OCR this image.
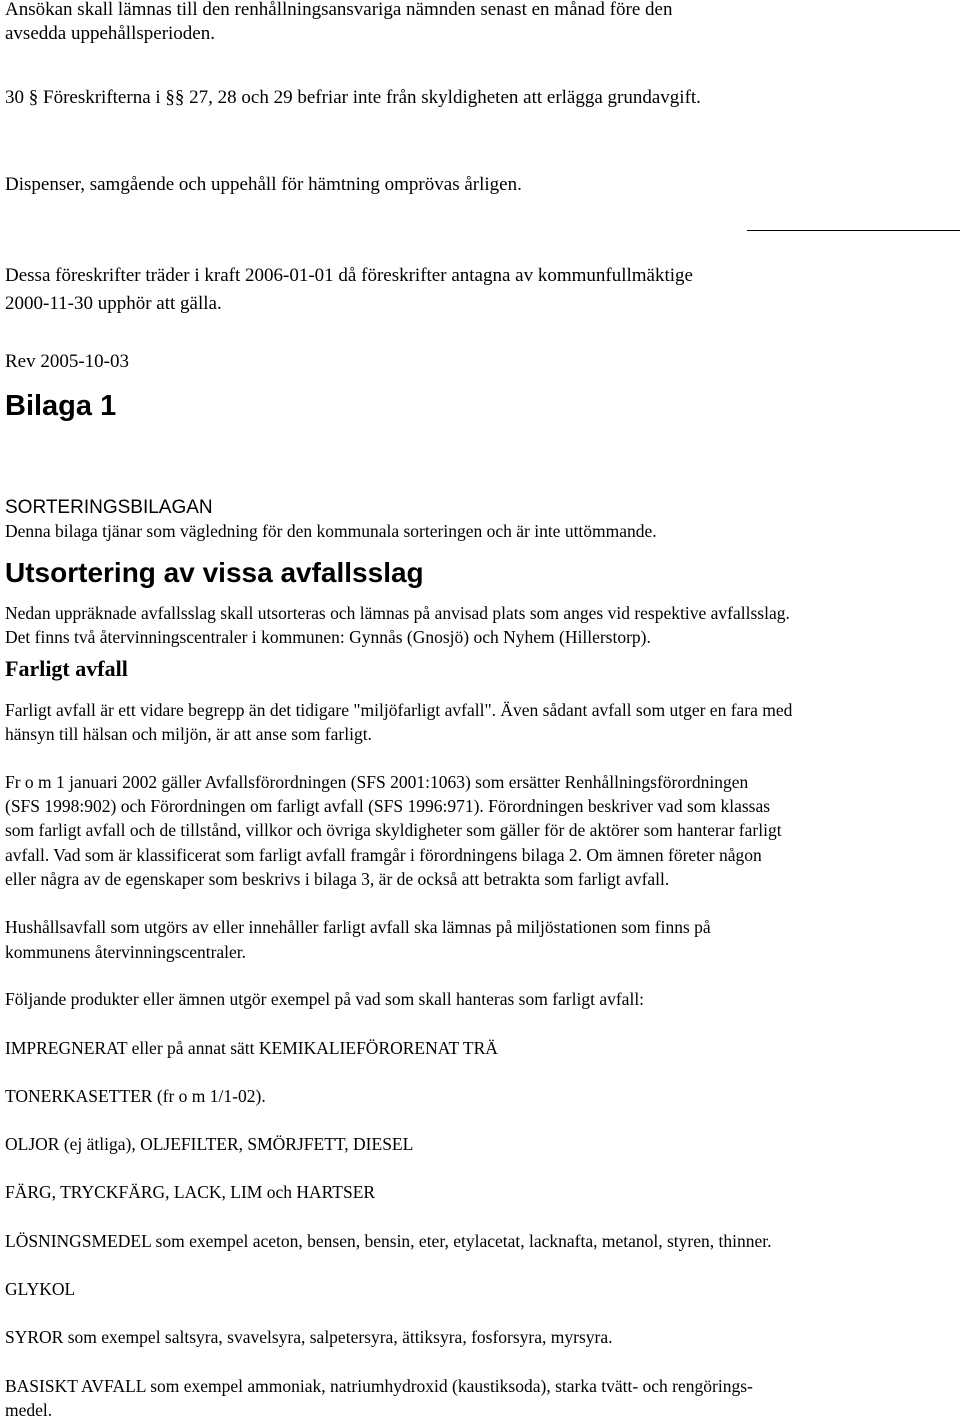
Ansökan skall lämnas till den renhållningsansvariga nämnden senast en månad före den

avsedda uppehållsperioden.

30 § Föreskrifterna i §§ 27, 28 och 29 befriar inte från skyldigheten att erlägga grundavgift.

Dispenser, samgående och uppehåll för hämtning omprövas årligen.

Dessa föreskrifter träder i kraft 2006-01-01 då föreskrifter antagna av kommunfullmäktige

2000-11-30 upphör att gälla.

Rev 2005-10-03

Bilaga 1

SORTERINGSBILAGAN

Denna bilaga tjänar som vägledning för den kommunala sorteringen och är inte uttömmande.

Utsortering av vissa avfallsslag

Nedan uppräknade avfallsslag skall utsorteras och lämnas på anvisad plats som anges vid respektive avfallsslag.

Det finns två återvinningscentraler i kommunen: Gynnås (Gnosjö) och Nyhem (Hillerstorp).

Farligt avfall

Farligt avfall är ett vidare begrepp än det tidigare "miljöfarligt avfall". Även sådant avfall som utger en fara med

hänsyn till hälsan och miljön, är att anse som farligt.

Fr o m 1 januari 2002 gäller Avfallsförordningen (SFS 2001:1063) som ersätter Renhållningsförordningen

(SFS 1998:902) och Förordningen om farligt avfall (SFS 1996:971). Förordningen beskriver vad som klassas

som farligt avfall och de tillstånd, villkor och övriga skyldigheter som gäller för de aktörer som hanterar farligt

avfall. Vad som är klassificerat som farligt avfall framgår i förordningens bilaga 2. Om ämnen företer någon

eller några av de egenskaper som beskrivs i bilaga 3, är de också att betrakta som farligt avfall.

Hushållsavfall som utgörs av eller innehåller farligt avfall ska lämnas på miljöstationen som finns på

kommunens återvinningscentraler.

Följande produkter eller ämnen utgör exempel på vad som skall hanteras som farligt avfall:

IMPREGNERAT eller på annat sätt KEMIKALIEFÖRORENAT TRÄ

TONERKASETTER (fr o m 1/1-02).

OLJOR (ej ätliga), OLJEFILTER, SMÖRJFETT, DIESEL

FÄRG, TRYCKFÄRG, LACK, LIM och HARTSER

LÖSNINGSMEDEL som exempel aceton, bensen, bensin, eter, etylacetat, lacknafta, metanol, styren, thinner.

GLYKOL

SYROR som exempel saltsyra, svavelsyra, salpetersyra, ättiksyra, fosforsyra, myrsyra.

BASISKT AVFALL som exempel ammoniak, natriumhydroxid (kaustiksoda), starka tvätt- och rengörings-

medel.
